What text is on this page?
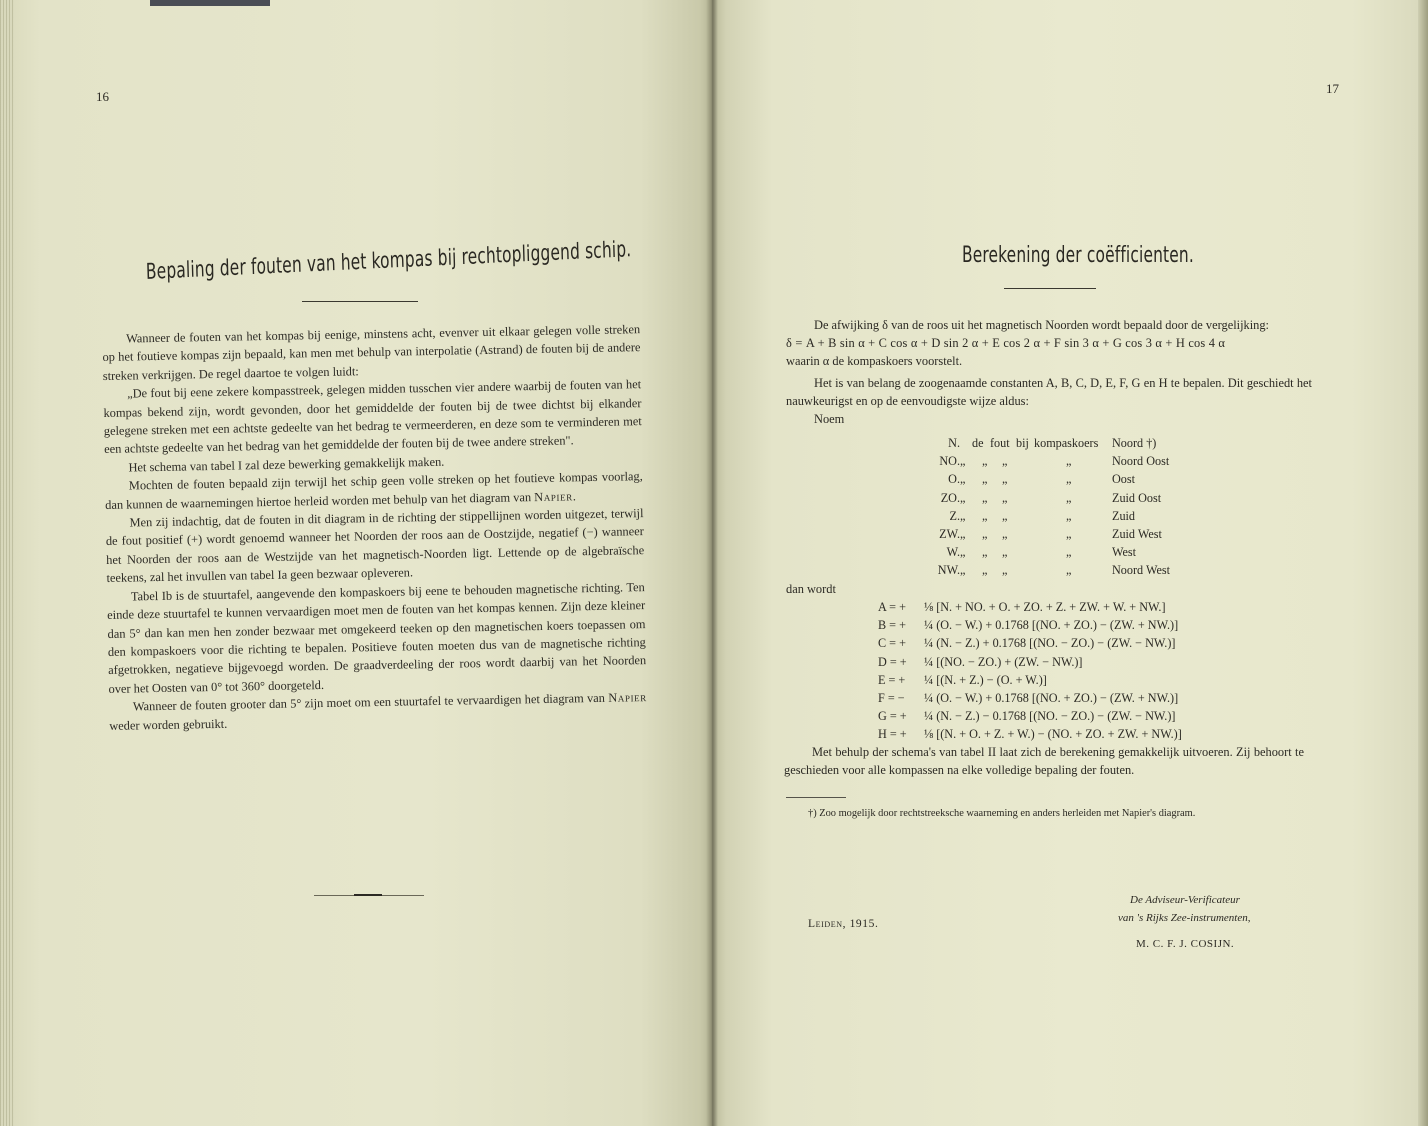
16
Bepaling der fouten van het kompas bij rechtopliggend schip.

Wanneer de fouten van het kompas bij eenige, minstens acht, evenver uit elkaar gelegen volle streken op het foutieve kompas zijn bepaald, kan men met behulp van interpolatie (Astrand) de fouten bij de andere streken verkrijgen. De regel daartoe te volgen luidt:

„De fout bij eene zekere kompasstreek, gelegen midden tusschen vier andere waarbij de fouten van het kompas bekend zijn, wordt gevonden, door het gemiddelde der fouten bij de twee dichtst bij elkander gelegene streken met een achtste gedeelte van het bedrag te vermeerderen, en deze som te verminderen met een achtste gedeelte van het bedrag van het gemiddelde der fouten bij de twee andere streken".

Het schema van tabel I zal deze bewerking gemakkelijk maken.

Mochten de fouten bepaald zijn terwijl het schip geen volle streken op het foutieve kompas voorlag, dan kunnen de waarnemingen hiertoe herleid worden met behulp van het diagram van Napier.

Men zij indachtig, dat de fouten in dit diagram in de richting der stippellijnen worden uitgezet, terwijl de fout positief (+) wordt genoemd wanneer het Noorden der roos aan de Oostzijde, negatief (−) wanneer het Noorden der roos aan de Westzijde van het magnetisch-Noorden ligt. Lettende op de algebraïsche teekens, zal het invullen van tabel Ia geen bezwaar opleveren.

Tabel Ib is de stuurtafel, aangevende den kompaskoers bij eene te behouden magnetische richting. Ten einde deze stuurtafel te kunnen vervaardigen moet men de fouten van het kompas kennen. Zijn deze kleiner dan 5° dan kan men hen zonder bezwaar met omgekeerd teeken op den magnetischen koers toepassen om den kompaskoers voor die richting te bepalen. Positieve fouten moeten dus van de magnetische richting afgetrokken, negatieve bijgevoegd worden. De graadverdeeling der roos wordt daarbij van het Noorden over het Oosten van 0° tot 360° doorgeteld.

Wanneer de fouten grooter dan 5° zijn moet om een stuurtafel te vervaardigen het diagram van Napier weder worden gebruikt.

17
Berekening der coëfficienten.

De afwijking δ van de roos uit het magnetisch Noorden wordt bepaald door de vergelijking:

δ = A + B sin α + C cos α + D sin 2 α + E cos 2 α + F sin 3 α + G cos 3 α + H cos 4 α

waarin α de kompaskoers voorstelt.

Het is van belang de zoogenaamde constanten A, B, C, D, E, F, G en H te bepalen. Dit geschiedt het nauwkeurigst en op de eenvoudigste wijze aldus:

Noem

N. de fout bij kompaskoers Noord †)
NO. „ „ „	„	Noord Oost
O. „ „ „	„	Oost
ZO. „ „ „	„	Zuid Oost
Z. „ „ „	„	Zuid
ZW. „ „ „	„	Zuid West
W. „ „ „	„	West
NW. „ „ „	„	Noord West
dan wordt
A = + ⅛ [N. + NO. + O. + ZO. + Z. + ZW. + W. + NW.]
B = + ¼ (O. − W.) + 0.1768 [(NO. + ZO.) − (ZW. + NW.)]
C = + ¼ (N. − Z.) + 0.1768 [(NO. − ZO.) − (ZW. − NW.)]
D = + ¼ [(NO. − ZO.) + (ZW. − NW.)]
E = + ¼ [(N. + Z.) − (O. + W.)]
F = − ¼ (O. − W.) + 0.1768 [(NO. + ZO.) − (ZW. + NW.)]
G = + ¼ (N. − Z.) − 0.1768 [(NO. − ZO.) − (ZW. − NW.)]
H = + ⅛ [(N. + O. + Z. + W.) − (NO. + ZO. + ZW. + NW.)]

Met behulp der schema's van tabel II laat zich de berekening gemakkelijk uitvoeren. Zij behoort te geschieden voor alle kompassen na elke volledige bepaling der fouten.

†) Zoo mogelijk door rechtstreeksche waarneming en anders herleiden met Napier's diagram.
Leiden, 1915.
De Adviseur-Verificateur
van 's Rijks Zee-instrumenten,
M. C. F. J. COSIJN.
